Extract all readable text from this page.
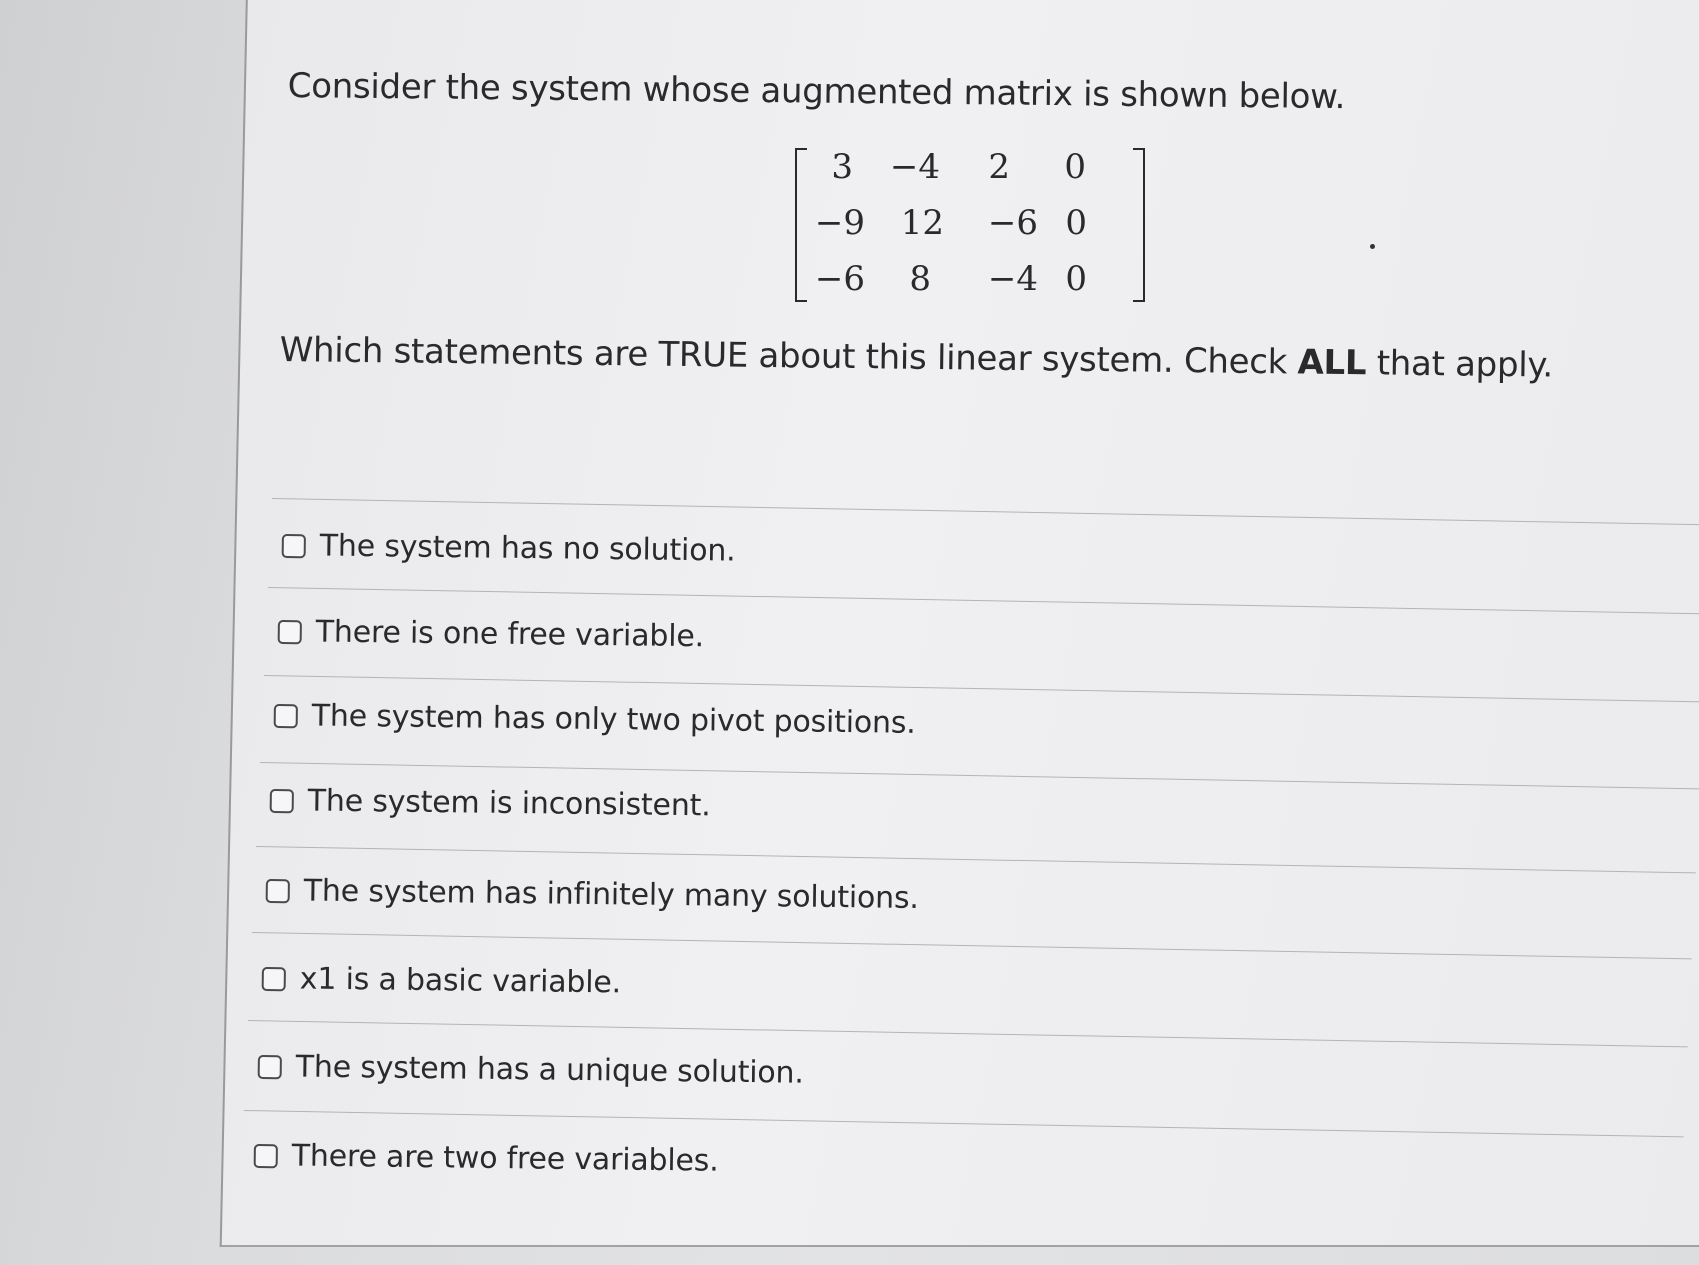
Consider the system whose augmented matrix is shown below.
3	−4	2	0
−9	12	−6 0
−6	8	−4 0
Which statements are TRUE about this linear system. Check ALL that apply.
The system has no solution.
There is one free variable.
The system has only two pivot positions.
The system is inconsistent.
The system has infinitely many solutions.
x1 is a basic variable.
The system has a unique solution.
There are two free variables.
